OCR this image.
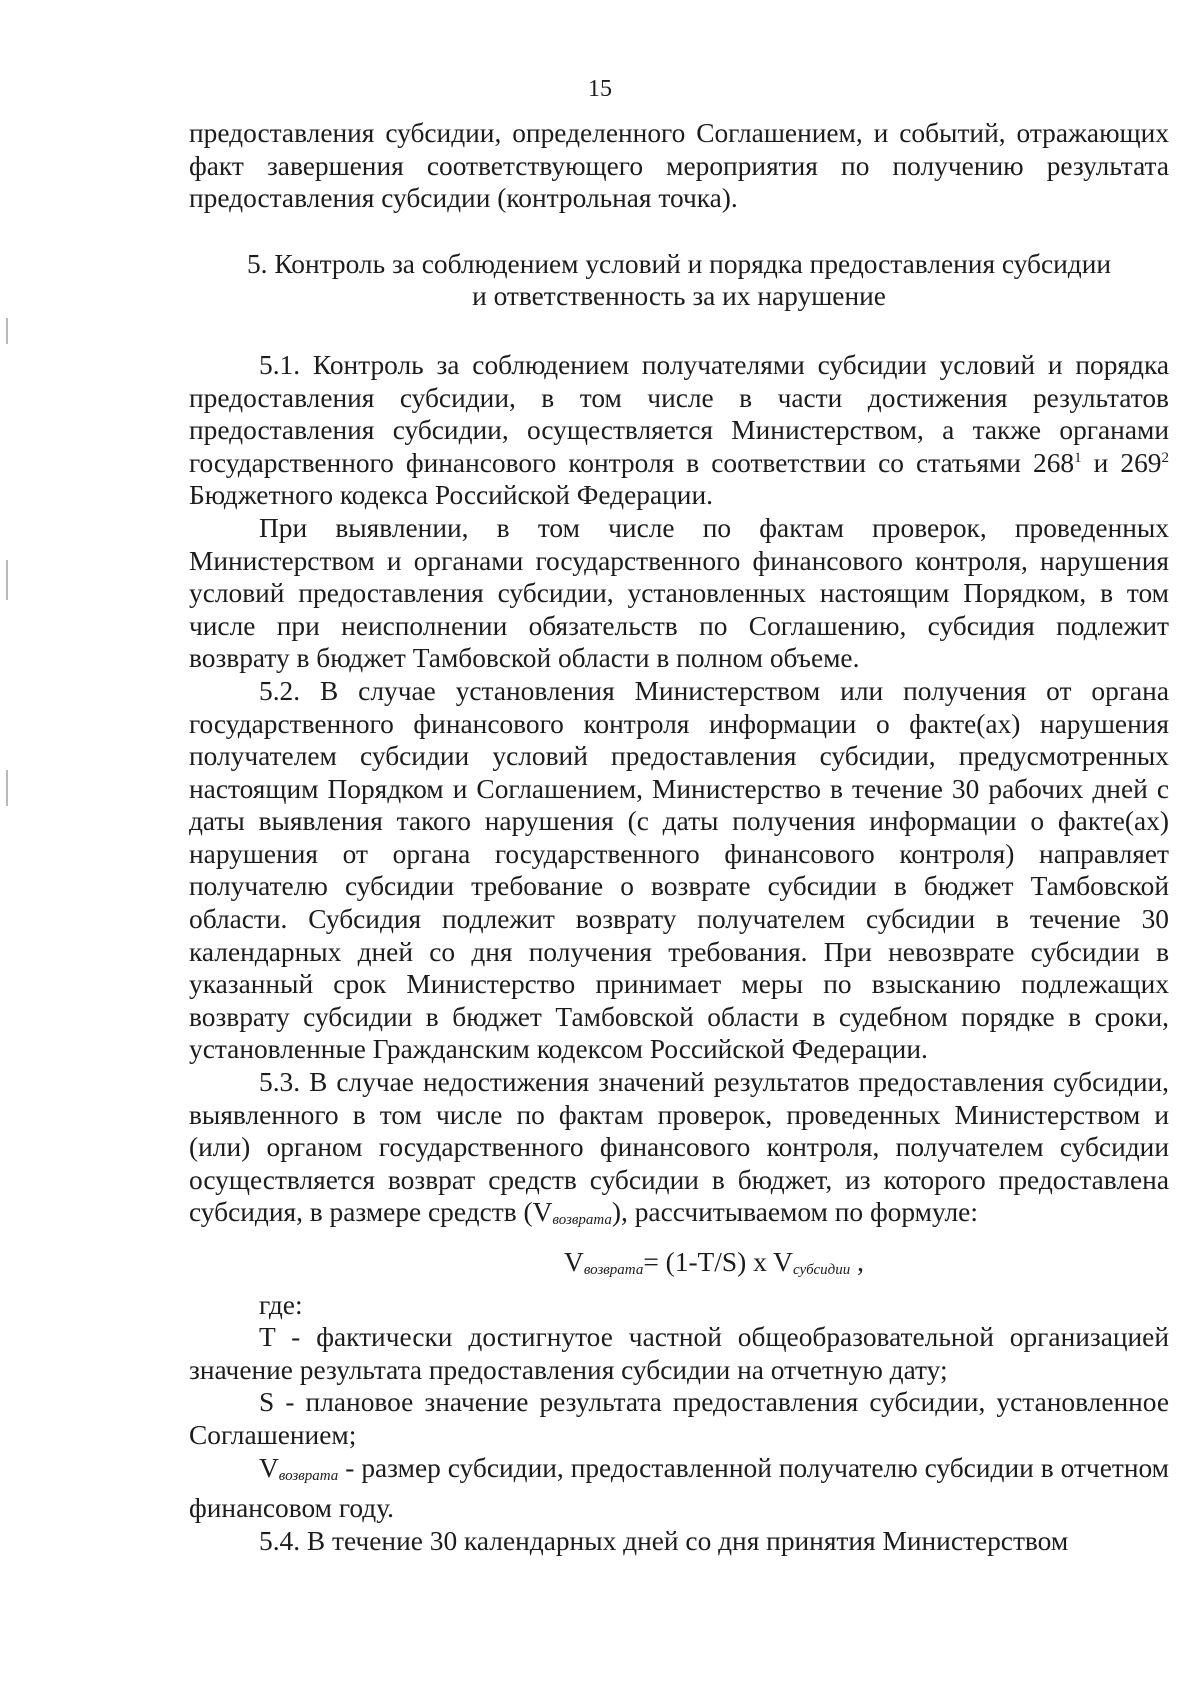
15

предоставления субсидии, определенного Соглашением, и событий, отражающих факт завершения соответствующего мероприятия по получению результата предоставления субсидии (контрольная точка).

5. Контроль за соблюдением условий и порядка предоставления субсидии
и ответственность за их нарушение

5.1. Контроль за соблюдением получателями субсидии условий и порядка предоставления субсидии, в том числе в части достижения результатов предоставления субсидии, осуществляется Министерством, а также органами государственного финансового контроля в соответствии со статьями 268$^1$ и 269$^2$ Бюджетного кодекса Российской Федерации.

При выявлении, в том числе по фактам проверок, проведенных Министерством и органами государственного финансового контроля, нарушения условий предоставления субсидии, установленных настоящим Порядком, в том числе при неисполнении обязательств по Соглашению, субсидия подлежит возврату в бюджет Тамбовской области в полном объеме.

5.2. В случае установления Министерством или получения от органа государственного финансового контроля информации о факте(ах) нарушения получателем субсидии условий предоставления субсидии, предусмотренных настоящим Порядком и Соглашением, Министерство в течение 30 рабочих дней с даты выявления такого нарушения (с даты получения информации о факте(ах) нарушения от органа государственного финансового контроля) направляет получателю субсидии требование о возврате субсидии в бюджет Тамбовской области. Субсидия подлежит возврату получателем субсидии в течение 30 календарных дней со дня получения требования. При невозврате субсидии в указанный срок Министерство принимает меры по взысканию подлежащих возврату субсидии в бюджет Тамбовской области в судебном порядке в сроки, установленные Гражданским кодексом Российской Федерации.

5.3. В случае недостижения значений результатов предоставления субсидии, выявленного в том числе по фактам проверок, проведенных Министерством и (или) органом государственного финансового контроля, получателем субсидии осуществляется возврат средств субсидии в бюджет, из которого предоставлена субсидия, в размере средств $(V_{возврата})$, рассчитываемом по формуле:

$V_{возврата}= (1-T/S)$ x $V_{субсидии}$ ,

где:

T - фактически достигнутое частной общеобразовательной организацией значение результата предоставления субсидии на отчетную дату;

S - плановое значение результата предоставления субсидии, установленное Соглашением;

$V_{возврата}$ - размер субсидии, предоставленной получателю субсидии в отчетном финансовом году.

5.4. В течение 30 календарных дней со дня принятия Министерством
